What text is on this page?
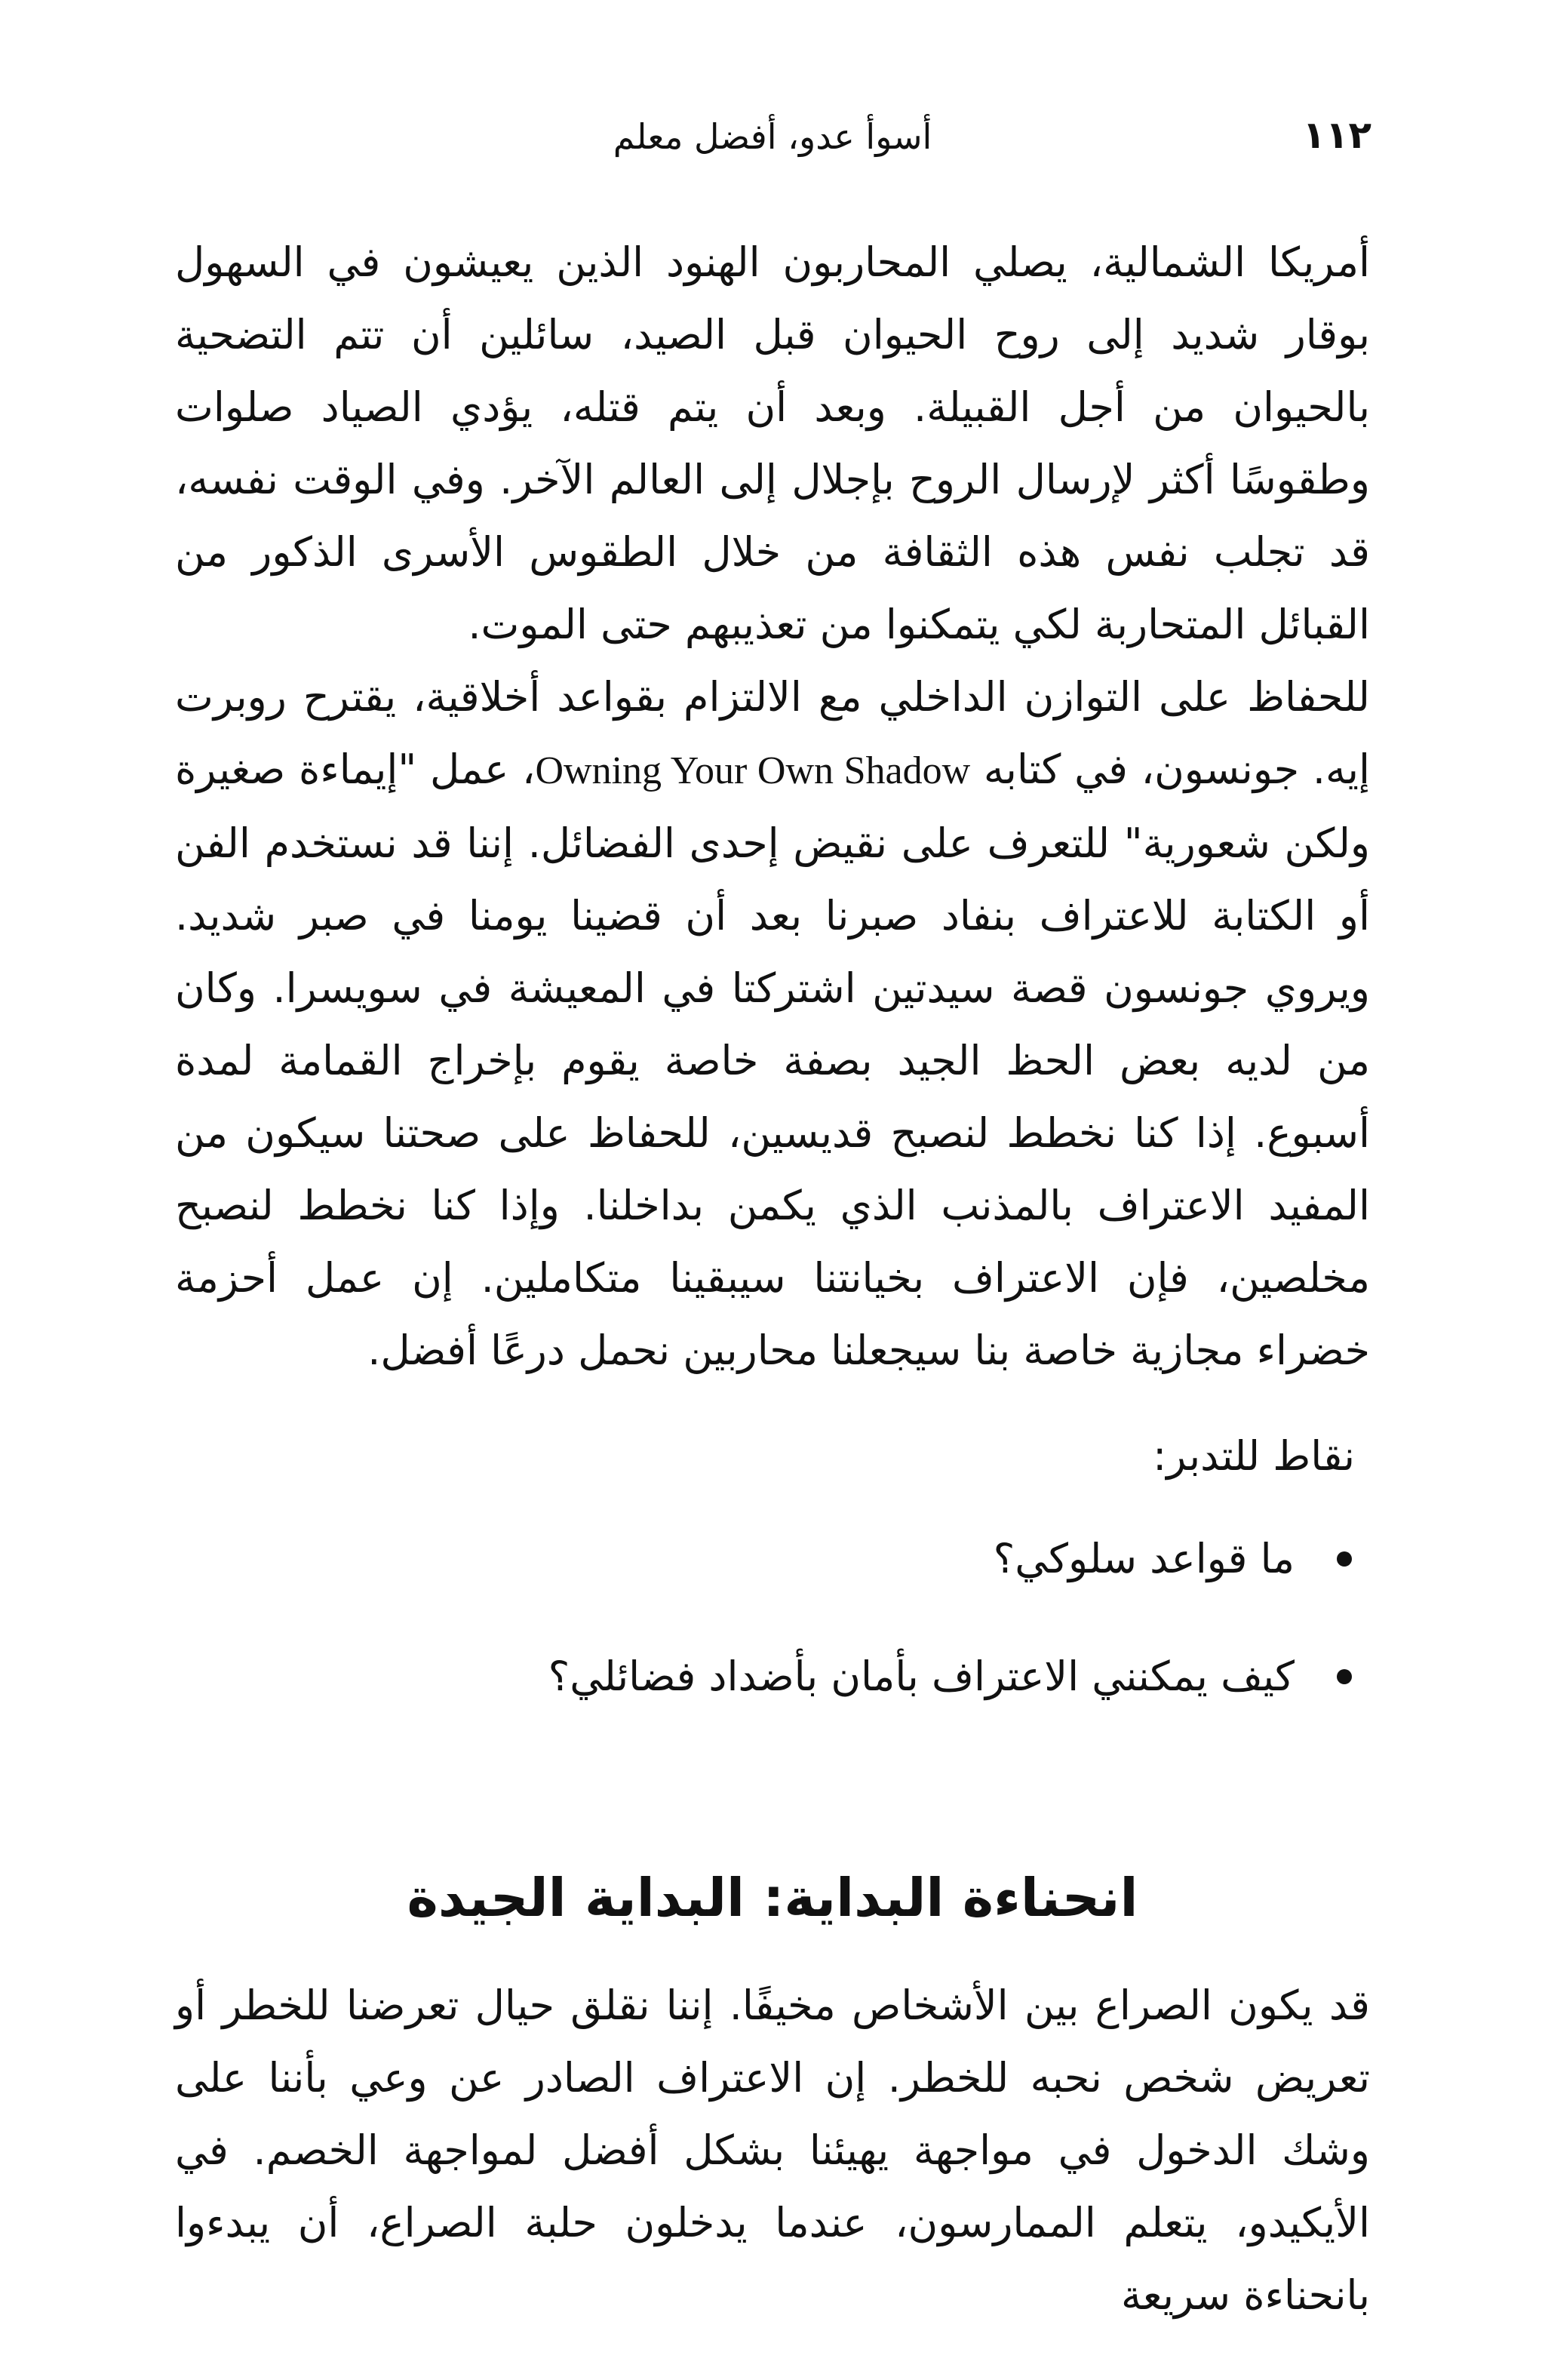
١١٢
أسوأ عدو، أفضل معلم

أمريكا الشمالية، يصلي المحاربون الهنود الذين يعيشون في السهول بوقار شديد إلى روح الحيوان قبل الصيد، سائلين أن تتم التضحية بالحيوان من أجل القبيلة. وبعد أن يتم قتله، يؤدي الصياد صلوات وطقوسًا أكثر لإرسال الروح بإجلال إلى العالم الآخر. وفي الوقت نفسه، قد تجلب نفس هذه الثقافة من خلال الطقوس الأسرى الذكور من القبائل المتحاربة لكي يتمكنوا من تعذيبهم حتى الموت.

للحفاظ على التوازن الداخلي مع الالتزام بقواعد أخلاقية، يقترح روبرت إيه. جونسون، في كتابه Owning Your Own Shadow، عمل "إيماءة صغيرة ولكن شعورية" للتعرف على نقيض إحدى الفضائل. إننا قد نستخدم الفن أو الكتابة للاعتراف بنفاد صبرنا بعد أن قضينا يومنا في صبر شديد. ويروي جونسون قصة سيدتين اشتركتا في المعيشة في سويسرا. وكان من لديه بعض الحظ الجيد بصفة خاصة يقوم بإخراج القمامة لمدة أسبوع. إذا كنا نخطط لنصبح قديسين، للحفاظ على صحتنا سيكون من المفيد الاعتراف بالمذنب الذي يكمن بداخلنا. وإذا كنا نخطط لنصبح مخلصين، فإن الاعتراف بخيانتنا سيبقينا متكاملين. إن عمل أحزمة خضراء مجازية خاصة بنا سيجعلنا محاربين نحمل درعًا أفضل.

نقاط للتدبر:
ما قواعد سلوكي؟
كيف يمكنني الاعتراف بأمان بأضداد فضائلي؟
انحناءة البداية: البداية الجيدة

قد يكون الصراع بين الأشخاص مخيفًا. إننا نقلق حيال تعرضنا للخطر أو تعريض شخص نحبه للخطر. إن الاعتراف الصادر عن وعي بأننا على وشك الدخول في مواجهة يهيئنا بشكل أفضل لمواجهة الخصم. في الأيكيدو، يتعلم الممارسون، عندما يدخلون حلبة الصراع، أن يبدءوا بانحناءة سريعة
